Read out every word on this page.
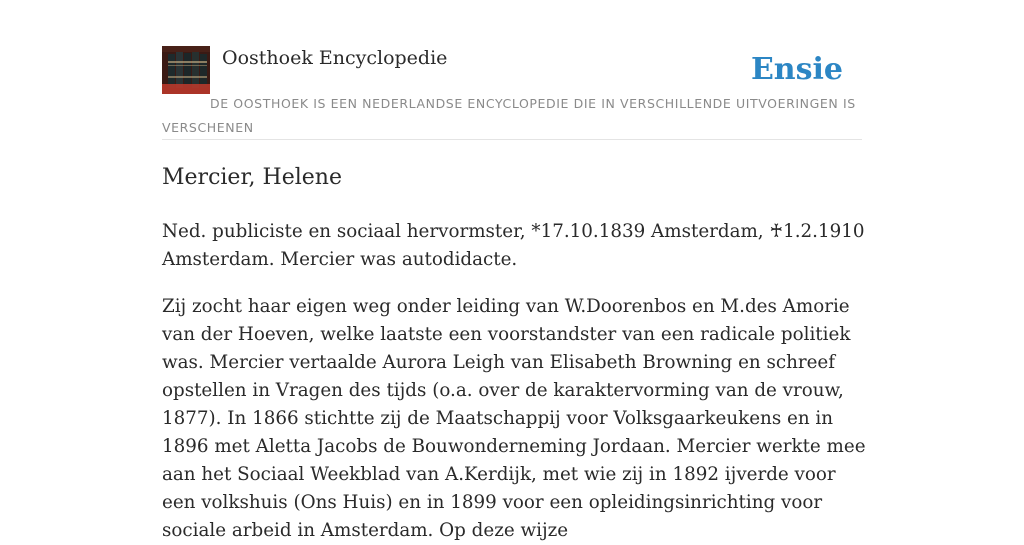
Oosthoek Encyclopedie	Ensie
DE OOSTHOEK IS EEN NEDERLANDSE ENCYCLOPEDIE DIE IN VERSCHILLENDE UITVOERINGEN IS VERSCHENEN
Mercier, Helene

Ned. publiciste en sociaal hervormster, *17.10.1839 Amsterdam, ♰1.2.1910 Amsterdam. Mercier was autodidacte.

Zij zocht haar eigen weg onder leiding van W.Doorenbos en M.des Amorie van der Hoeven, welke laatste een voorstandster van een radicale politiek was. Mercier vertaalde Aurora Leigh van Elisabeth Browning en schreef opstellen in Vragen des tijds (o.a. over de karaktervorming van de vrouw, 1877). In 1866 stichtte zij de Maatschappij voor Volksgaarkeukens en in 1896 met Aletta Jacobs de Bouwonderneming Jordaan. Mercier werkte mee aan het Sociaal Weekblad van A.Kerdijk, met wie zij in 1892 ijverde voor een volkshuis (Ons Huis) en in 1899 voor een opleidingsinrichting voor sociale arbeid in Amsterdam. Op deze wijze
